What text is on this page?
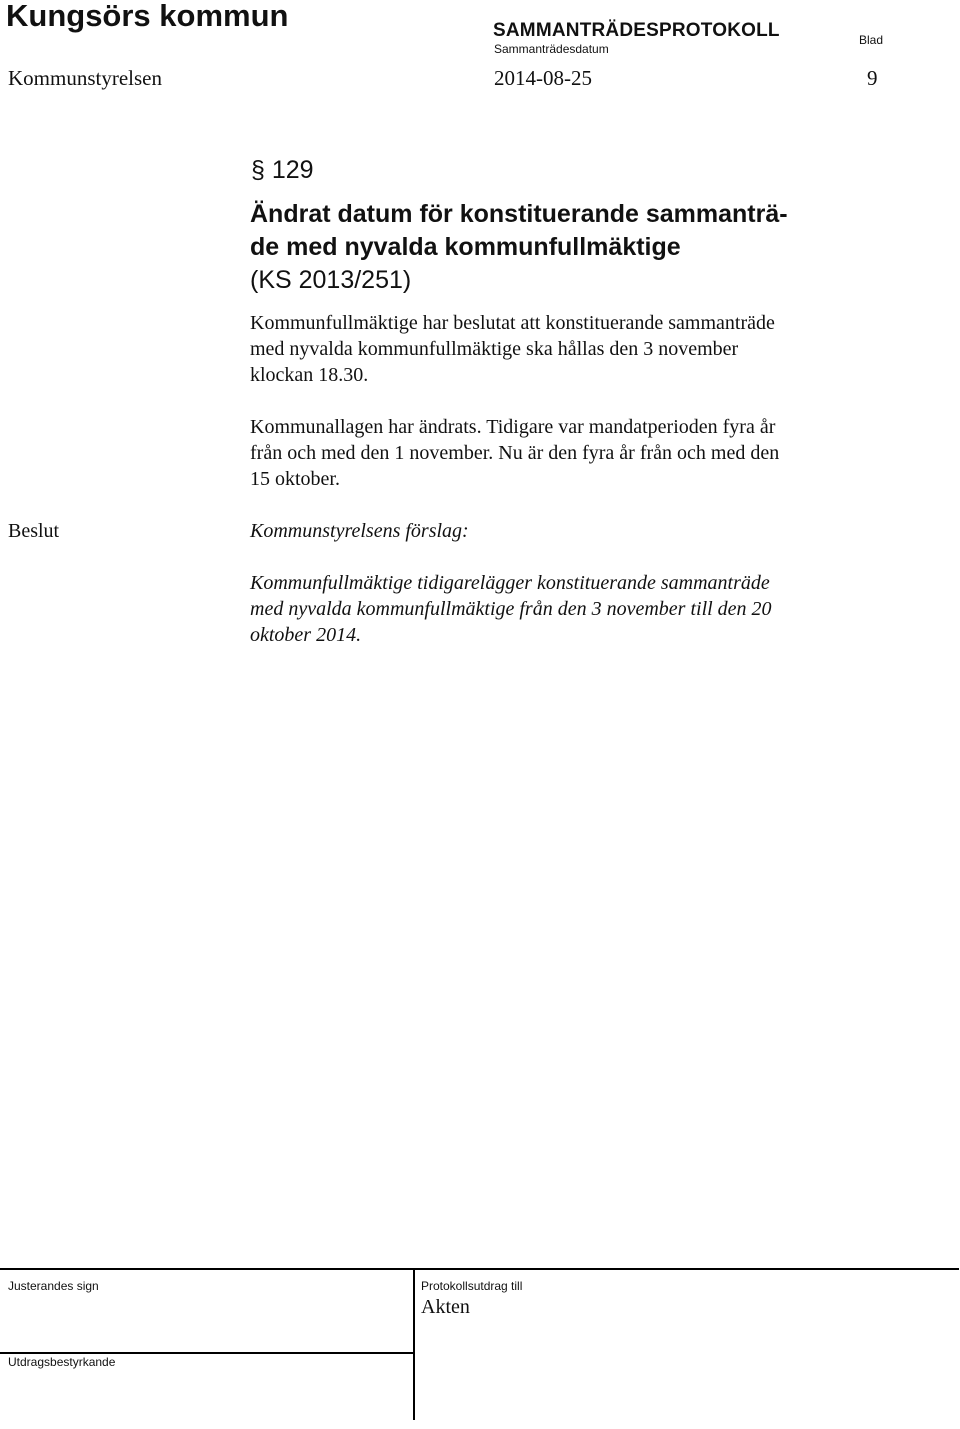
Kungsörs kommun	SAMMANTRÄDESPROTOKOLL
Sammanträdesdatum
Blad
Kommunstyrelsen	2014-08-25	9
§ 129
Ändrat datum för konstituerande sammanträ-
de med nyvalda kommunfullmäktige
(KS 2013/251)
Kommunfullmäktige har beslutat att konstituerande sammanträde
med nyvalda kommunfullmäktige ska hållas den 3 november
klockan 18.30.
Kommunallagen har ändrats. Tidigare var mandatperioden fyra år
från och med den 1 november. Nu är den fyra år från och med den
15 oktober.
Beslut	Kommunstyrelsens förslag:
Kommunfullmäktige tidigarelägger konstituerande sammanträde
med nyvalda kommunfullmäktige från den 3 november till den 20
oktober 2014.
Justerandes sign	Protokollsutdrag till
Akten
Utdragsbestyrkande
